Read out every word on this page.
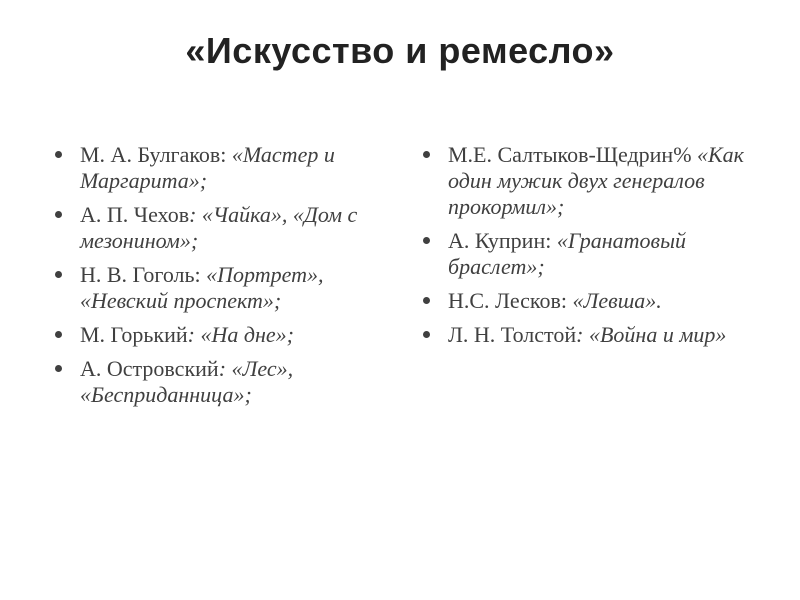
«Искусство и ремесло»
М. А. Булгаков: «Мастер и Маргарита»;
А. П. Чехов: «Чайка», «Дом с мезонином»;
Н. В. Гоголь: «Портрет», «Невский проспект»;
М. Горький: «На дне»;
А. Островский: «Лес», «Бесприданница»;
М.Е. Салтыков-Щедрин% «Как один мужик двух генералов прокормил»;
А. Куприн: «Гранатовый браслет»;
Н.С. Лесков: «Левша».
Л. Н. Толстой: «Война и мир»
